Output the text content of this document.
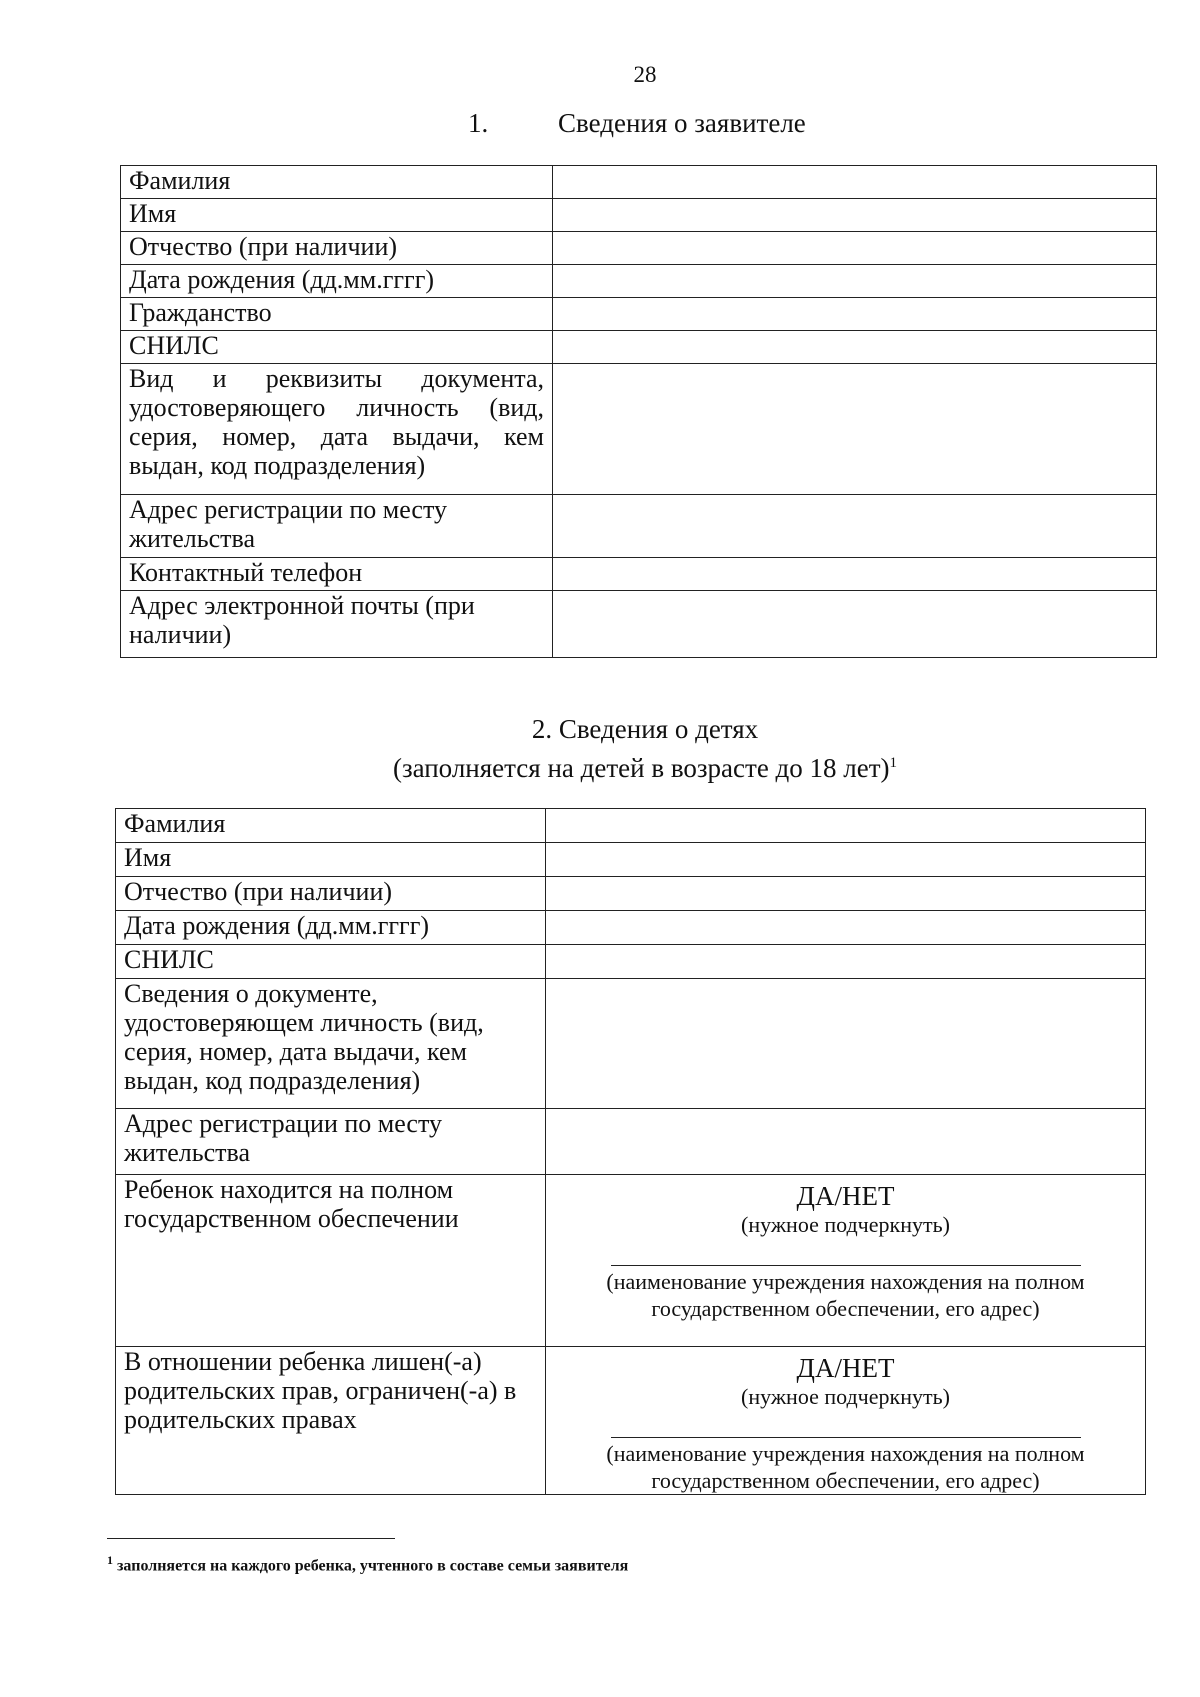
28
1.	Сведения о заявителе
Фамилия	
Имя	
Отчество (при наличии)	
Дата рождения (дд.мм.гггг)	
Гражданство	
СНИЛС	
Вид и реквизиты документа, удостоверяющего личность (вид, серия, номер, дата выдачи, кем выдан, код подразделения)	
Адрес регистрации по месту жительства	
Контактный телефон	
Адрес электронной почты (при наличии)	
2. Сведения о детях
(заполняется на детей в возрасте до 18 лет)$^1$
Фамилия	
Имя	
Отчество (при наличии)	
Дата рождения (дд.мм.гггг)	
СНИЛС	
Сведения о документе, удостоверяющем личность (вид, серия, номер, дата выдачи, кем выдан, код подразделения)	
Адрес регистрации по месту жительства	
Ребенок находится на полном государственном обеспечении	ДА/НЕТ
(нужное подчеркнуть)
(наименование учреждения нахождения на полном государственном обеспечении, его адрес)

В отношении ребенка лишен(-а) родительских прав, ограничен(-а) в родительских правах	ДА/НЕТ
(нужное подчеркнуть)
(наименование учреждения нахождения на полном государственном обеспечении, его адрес)
$^1$ заполняется на каждого ребенка, учтенного в составе семьи заявителя
